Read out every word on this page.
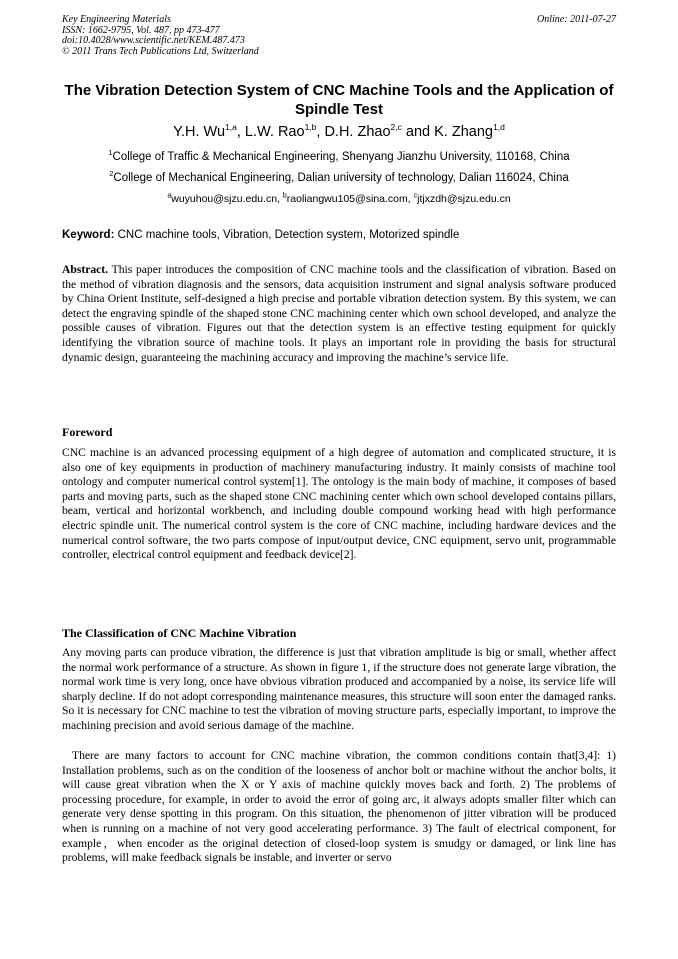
Key Engineering Materials
ISSN: 1662-9795, Vol. 487, pp 473-477
doi:10.4028/www.scientific.net/KEM.487.473
© 2011 Trans Tech Publications Ltd, Switzerland
Online: 2011-07-27
The Vibration Detection System of CNC Machine Tools and the Application of Spindle Test
Y.H. Wu$^{1,a}$, L.W. Rao$^{1,b}$, D.H. Zhao$^{2,c}$ and K. Zhang$^{1,d}$
$^1$College of Traffic & Mechanical Engineering, Shenyang Jianzhu University, 110168, China
$^2$College of Mechanical Engineering, Dalian university of technology, Dalian 116024, China
$^a$wuyuhou@sjzu.edu.cn, $^b$raoliangwu105@sina.com, $^c$jtjxzdh@sjzu.edu.cn
Keyword: CNC machine tools, Vibration, Detection system, Motorized spindle
Abstract. This paper introduces the composition of CNC machine tools and the classification of vibration. Based on the method of vibration diagnosis and the sensors, data acquisition instrument and signal analysis software produced by China Orient Institute, self-designed a high precise and portable vibration detection system. By this system, we can detect the engraving spindle of the shaped stone CNC machining center which own school developed, and analyze the possible causes of vibration. Figures out that the detection system is an effective testing equipment for quickly identifying the vibration source of machine tools. It plays an important role in providing the basis for structural dynamic design, guaranteeing the machining accuracy and improving the machine’s service life.
Foreword
CNC machine is an advanced processing equipment of a high degree of automation and complicated structure, it is also one of key equipments in production of machinery manufacturing industry. It mainly consists of machine tool ontology and computer numerical control system[1]. The ontology is the main body of machine, it composes of based parts and moving parts, such as the shaped stone CNC machining center which own school developed contains pillars, beam, vertical and horizontal workbench, and including double compound working head with high performance electric spindle unit. The numerical control system is the core of CNC machine, including hardware devices and the numerical control software, the two parts compose of input/output device, CNC equipment, servo unit, programmable controller, electrical control equipment and feedback device[2].
The Classification of CNC Machine Vibration
Any moving parts can produce vibration, the difference is just that vibration amplitude is big or small, whether affect the normal work performance of a structure. As shown in figure 1, if the structure does not generate large vibration, the normal work time is very long, once have obvious vibration produced and accompanied by a noise, its service life will sharply decline. If do not adopt corresponding maintenance measures, this structure will soon enter the damaged ranks. So it is necessary for CNC machine to test the vibration of moving structure parts, especially important, to improve the machining precision and avoid serious damage of the machine.
There are many factors to account for CNC machine vibration, the common conditions contain that[3,4]: 1) Installation problems, such as on the condition of the looseness of anchor bolt or machine without the anchor bolts, it will cause great vibration when the X or Y axis of machine quickly moves back and forth. 2) The problems of processing procedure, for example, in order to avoid the error of going arc, it always adopts smaller filter which can generate very dense spotting in this program. On this situation, the phenomenon of jitter vibration will be produced when is running on a machine of not very good accelerating performance. 3) The fault of electrical component, for example，when encoder as the original detection of closed-loop system is smudgy or damaged, or link line has problems, will make feedback signals be instable, and inverter or servo
